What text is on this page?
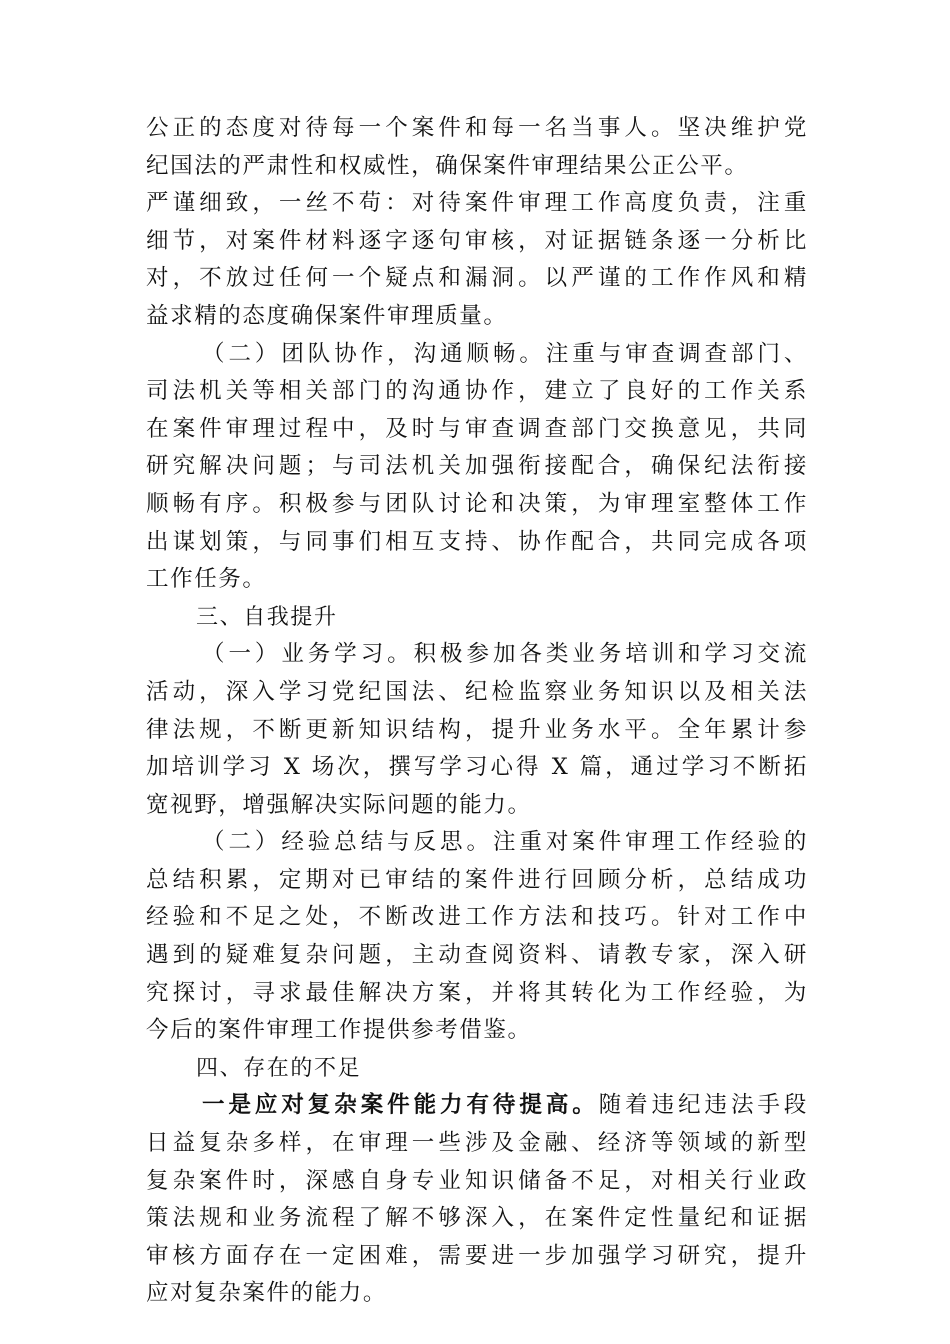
公正的态度对待每一个案件和每一名当事人。坚决维护党
纪国法的严肃性和权威性，确保案件审理结果公正公平。
严谨细致，一丝不苟：对待案件审理工作高度负责，注重
细节，对案件材料逐字逐句审核，对证据链条逐一分析比
对，不放过任何一个疑点和漏洞。以严谨的工作作风和精
益求精的态度确保案件审理质量。
（二）团队协作，沟通顺畅。注重与审查调查部门、
司法机关等相关部门的沟通协作，建立了良好的工作关系
在案件审理过程中，及时与审查调查部门交换意见，共同
研究解决问题；与司法机关加强衔接配合，确保纪法衔接
顺畅有序。积极参与团队讨论和决策，为审理室整体工作
出谋划策，与同事们相互支持、协作配合，共同完成各项
工作任务。
三、自我提升
（一）业务学习。积极参加各类业务培训和学习交流
活动，深入学习党纪国法、纪检监察业务知识以及相关法
律法规，不断更新知识结构，提升业务水平。全年累计参
加培训学习 X 场次，撰写学习心得 X 篇，通过学习不断拓
宽视野，增强解决实际问题的能力。
（二）经验总结与反思。注重对案件审理工作经验的
总结积累，定期对已审结的案件进行回顾分析，总结成功
经验和不足之处，不断改进工作方法和技巧。针对工作中
遇到的疑难复杂问题，主动查阅资料、请教专家，深入研
究探讨，寻求最佳解决方案，并将其转化为工作经验，为
今后的案件审理工作提供参考借鉴。
四、存在的不足
一是应对复杂案件能力有待提高。随着违纪违法手段
日益复杂多样，在审理一些涉及金融、经济等领域的新型
复杂案件时，深感自身专业知识储备不足，对相关行业政
策法规和业务流程了解不够深入，在案件定性量纪和证据
审核方面存在一定困难，需要进一步加强学习研究，提升
应对复杂案件的能力。
